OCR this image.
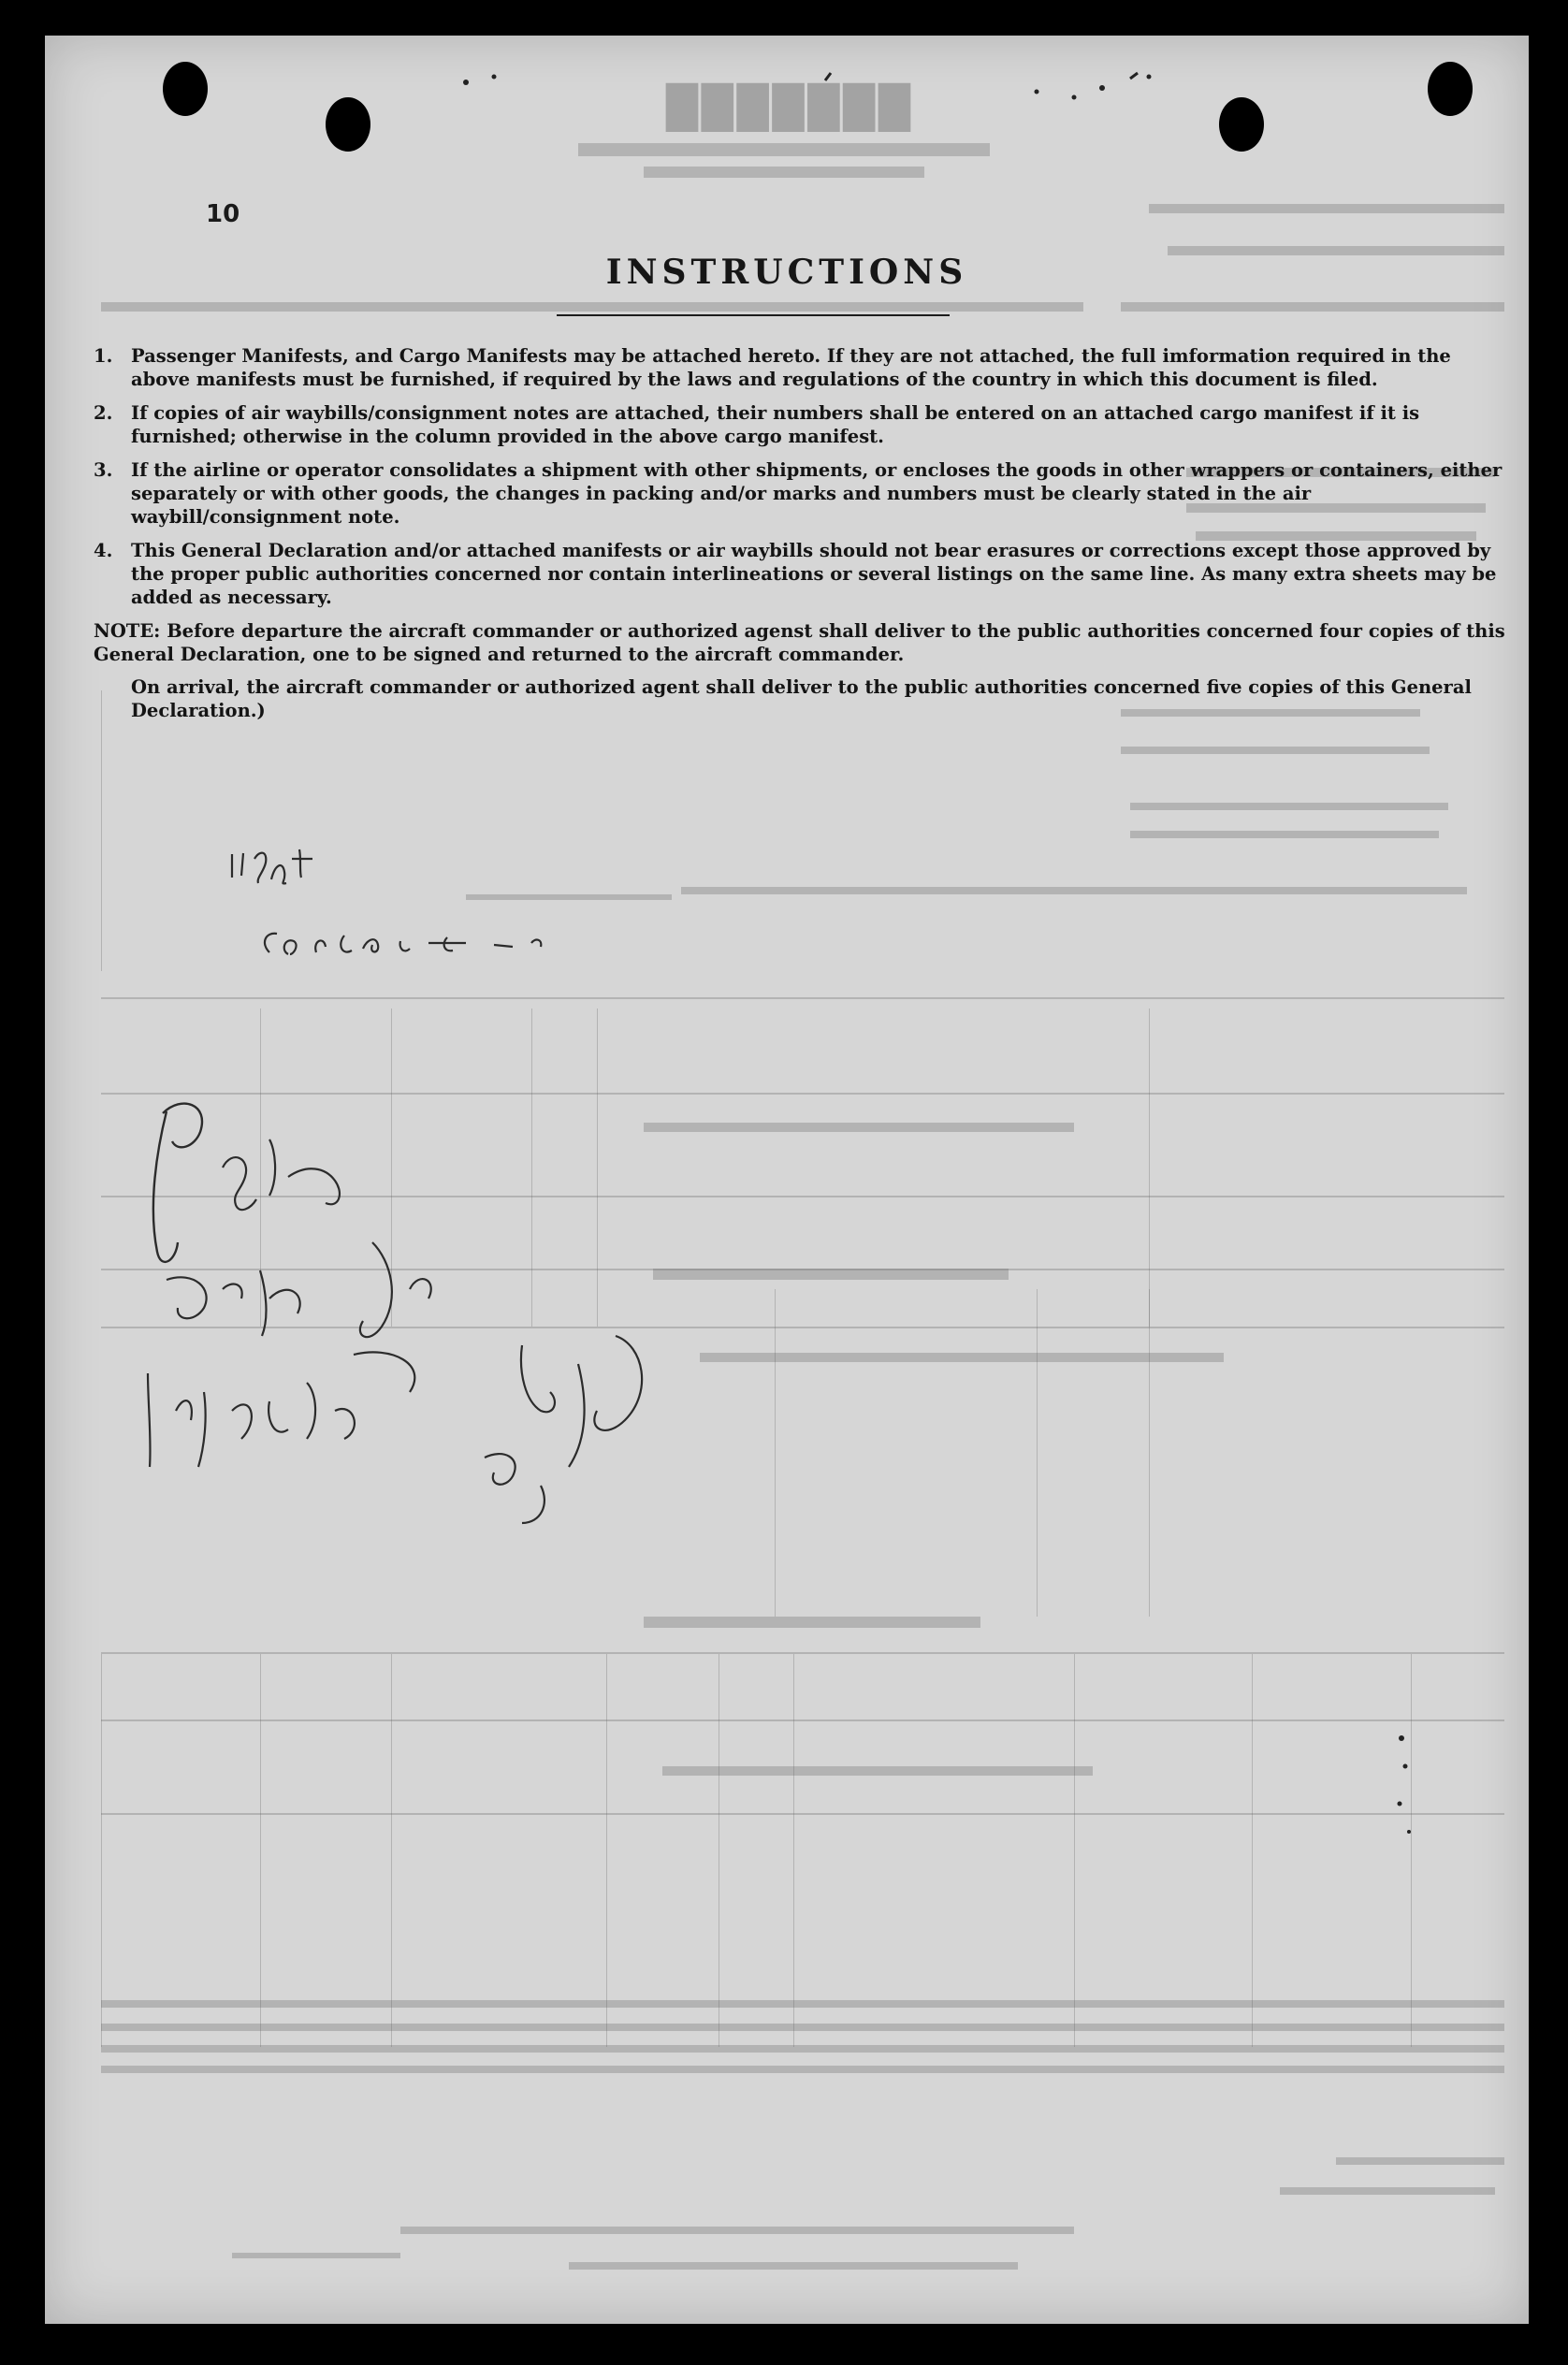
███████
10
INSTRUCTIONS
1. Passenger Manifests, and Cargo Manifests may be attached hereto. If they are not attached, the full imformation required in the above manifests must be furnished, if required by the laws and regulations of the country in which this document is filed.
2. If copies of air waybills/consignment notes are attached, their numbers shall be entered on an attached cargo manifest if it is furnished; otherwise in the column provided in the above cargo manifest.
3. If the airline or operator consolidates a shipment with other shipments, or encloses the goods in other wrappers or containers, either separately or with other goods, the changes in packing and/or marks and numbers must be clearly stated in the air waybill/consignment note.
4. This General Declaration and/or attached manifests or air waybills should not bear erasures or corrections except those approved by the proper public authorities concerned nor contain interlineations or several listings on the same line. As many extra sheets may be added as necessary.

NOTE: Before departure the aircraft commander or authorized agenst shall deliver to the public authorities concerned four copies of this General Declaration, one to be signed and returned to the aircraft commander.

On arrival, the aircraft commander or authorized agent shall deliver to the public authorities concerned five copies of this General Declaration.)
